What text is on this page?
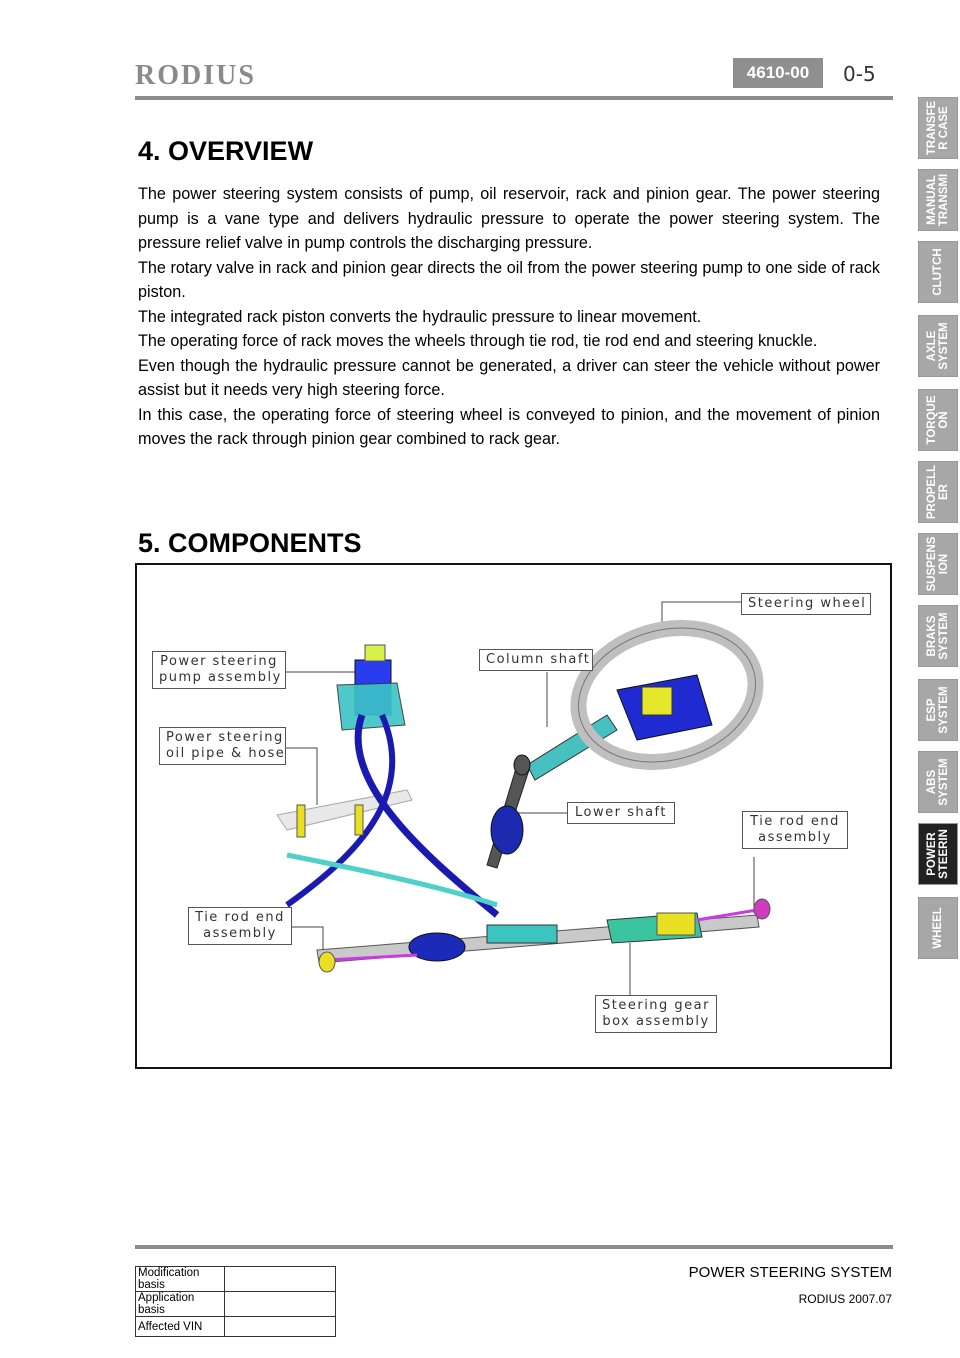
RODIUS	4610-00	0-5
TRANSFE
R CASE
MANUAL
TRANSMI
CLUTCH
AXLE
SYSTEM
TORQUE
ON
PROPELL
ER
SUSPENS
ION
BRAKS
SYSTEM
ESP
SYSTEM
ABS
SYSTEM
POWER
STEERIN
WHEEL
4. OVERVIEW

The power steering system consists of pump, oil reservoir, rack and pinion gear. The power steering pump is a vane type and delivers hydraulic pressure to operate the power steering system. The pressure relief valve in pump controls the discharging pressure.

The rotary valve in rack and pinion gear directs the oil from the power steering pump to one side of rack piston.

The integrated rack piston converts the hydraulic pressure to linear movement.

The operating force of rack moves the wheels through tie rod, tie rod end and steering knuckle.

Even though the hydraulic pressure cannot be generated, a driver can steer the vehicle without power assist but it needs very high steering force.

In this case, the operating force of steering wheel is conveyed to pinion, and the movement of pinion moves the rack through pinion gear combined to rack gear.

5. COMPONENTS
Steering wheel
Power steering
pump assembly
Column shaft
Power steering
oil pipe & hose
Lower shaft
Tie rod end
assembly
Tie rod end
assembly
Steering gear
box assembly
Modification basis	
Application basis	
Affected VIN	
POWER STEERING SYSTEM
RODIUS 2007.07
